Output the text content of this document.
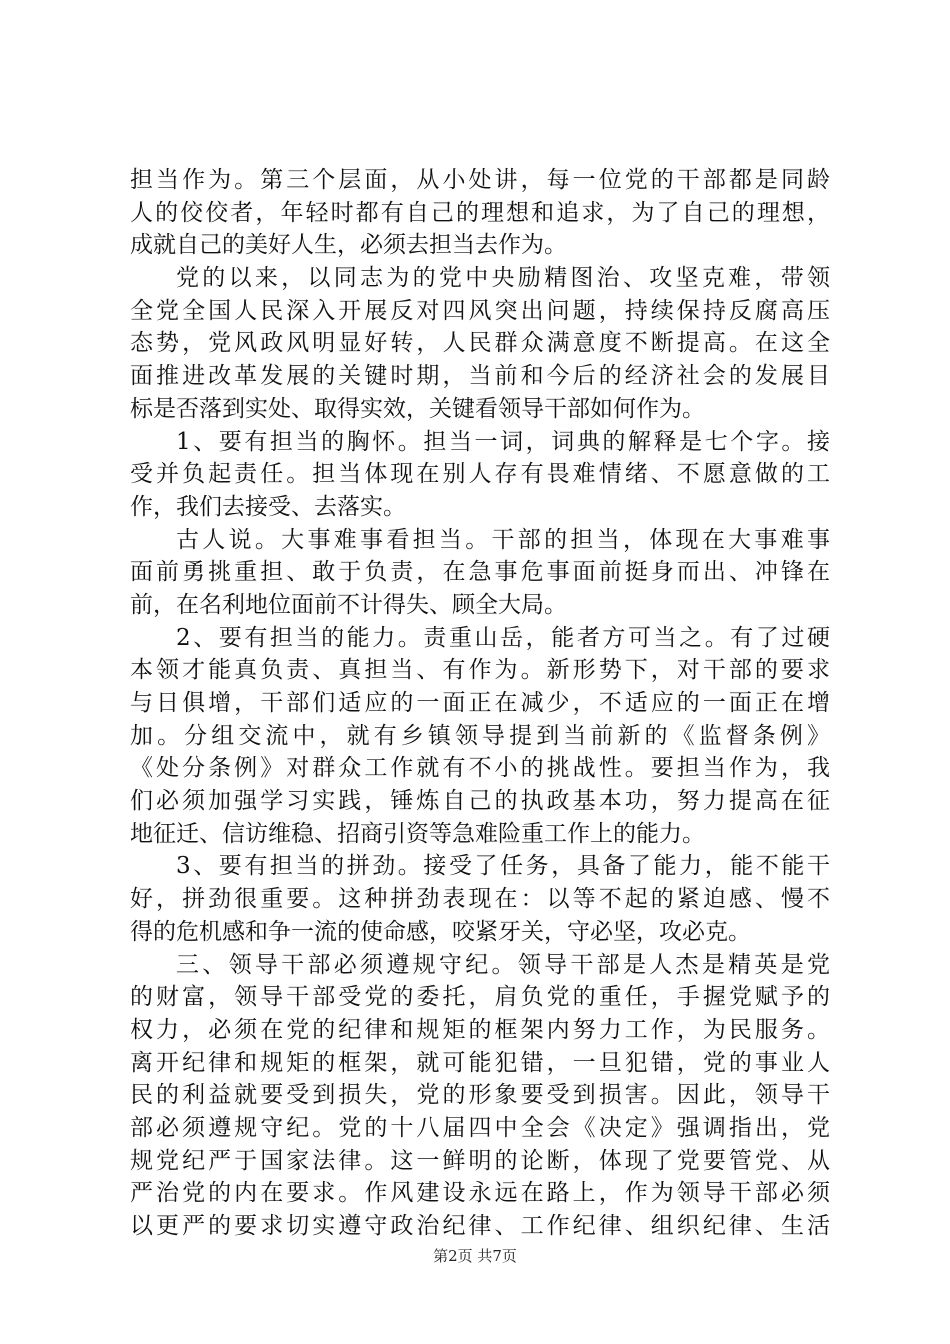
担当作为。第三个层面，从小处讲，每一位党的干部都是同龄
人的佼佼者，年轻时都有自己的理想和追求，为了自己的理想，
成就自己的美好人生，必须去担当去作为。
党的以来，以同志为的党中央励精图治、攻坚克难，带领
全党全国人民深入开展反对四风突出问题，持续保持反腐高压
态势，党风政风明显好转，人民群众满意度不断提高。在这全
面推进改革发展的关键时期，当前和今后的经济社会的发展目
标是否落到实处、取得实效，关键看领导干部如何作为。
1、要有担当的胸怀。担当一词，词典的解释是七个字。接
受并负起责任。担当体现在别人存有畏难情绪、不愿意做的工
作，我们去接受、去落实。
古人说。大事难事看担当。干部的担当，体现在大事难事
面前勇挑重担、敢于负责，在急事危事面前挺身而出、冲锋在
前，在名利地位面前不计得失、顾全大局。
2、要有担当的能力。责重山岳，能者方可当之。有了过硬
本领才能真负责、真担当、有作为。新形势下，对干部的要求
与日俱增，干部们适应的一面正在减少，不适应的一面正在增
加。分组交流中，就有乡镇领导提到当前新的《监督条例》
《处分条例》对群众工作就有不小的挑战性。要担当作为，我
们必须加强学习实践，锤炼自己的执政基本功，努力提高在征
地征迁、信访维稳、招商引资等急难险重工作上的能力。
3、要有担当的拼劲。接受了任务，具备了能力，能不能干
好，拼劲很重要。这种拼劲表现在：以等不起的紧迫感、慢不
得的危机感和争一流的使命感，咬紧牙关，守必坚，攻必克。
三、领导干部必须遵规守纪。领导干部是人杰是精英是党
的财富，领导干部受党的委托，肩负党的重任，手握党赋予的
权力，必须在党的纪律和规矩的框架内努力工作，为民服务。
离开纪律和规矩的框架，就可能犯错，一旦犯错，党的事业人
民的利益就要受到损失，党的形象要受到损害。因此，领导干
部必须遵规守纪。党的十八届四中全会《决定》强调指出，党
规党纪严于国家法律。这一鲜明的论断，体现了党要管党、从
严治党的内在要求。作风建设永远在路上，作为领导干部必须
以更严的要求切实遵守政治纪律、工作纪律、组织纪律、生活
第2页 共7页
